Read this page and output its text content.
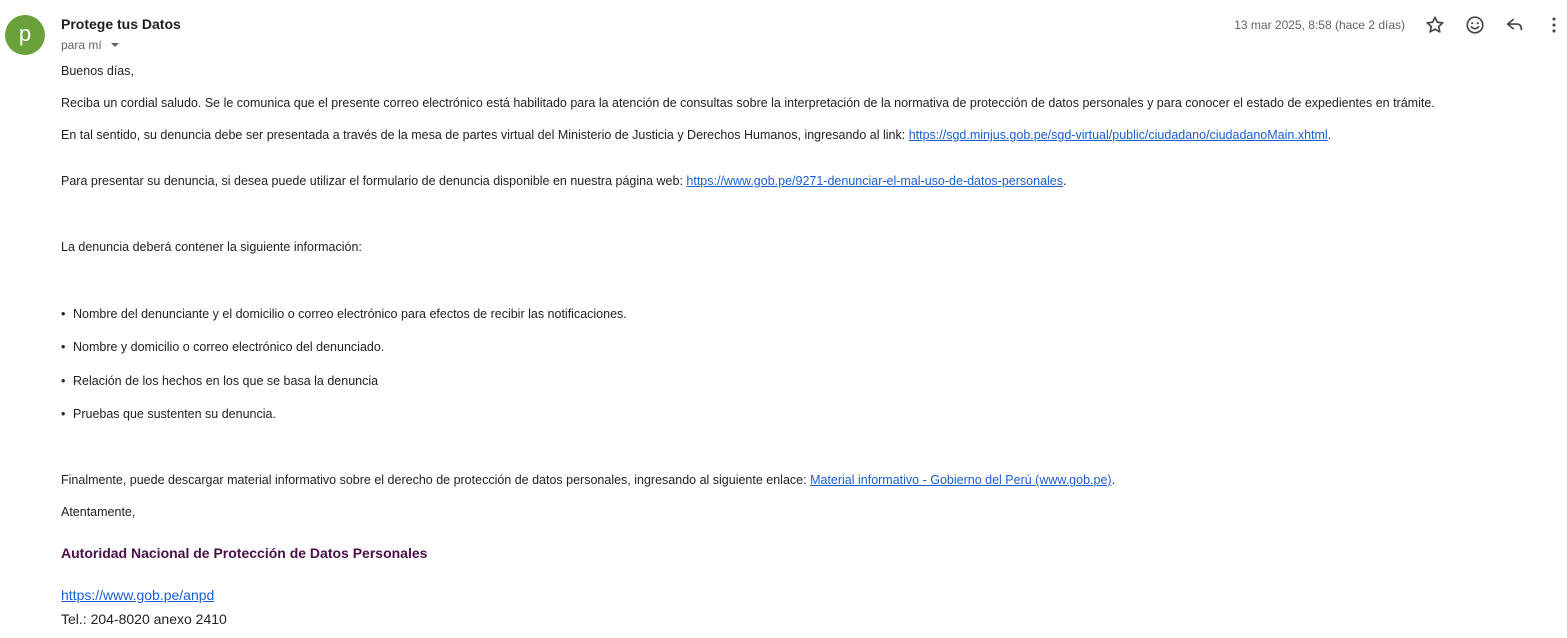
p	Protege tus Datos
para mí
13 mar 2025, 8:58 (hace 2 días)
Buenos días,
Reciba un cordial saludo. Se le comunica que el presente correo electrónico está habilitado para la atención de consultas sobre la interpretación de la normativa de protección de datos personales y para conocer el estado de expedientes en trámite.
En tal sentido, su denuncia debe ser presentada a través de la mesa de partes virtual del Ministerio de Justicia y Derechos Humanos, ingresando al link: https://sgd.minjus.gob.pe/sgd-virtual/public/ciudadano/ciudadanoMain.xhtml.
Para presentar su denuncia, si desea puede utilizar el formulario de denuncia disponible en nuestra página web: https://www.gob.pe/9271-denunciar-el-mal-uso-de-datos-personales.
La denuncia deberá contener la siguiente información:
• Nombre del denunciante y el domicilio o correo electrónico para efectos de recibir las notificaciones.
• Nombre y domicilio o correo electrónico del denunciado.
• Relación de los hechos en los que se basa la denuncia
• Pruebas que sustenten su denuncia.
Finalmente, puede descargar material informativo sobre el derecho de protección de datos personales, ingresando al siguiente enlace: Material informativo - Gobierno del Perú (www.gob.pe).
Atentamente,
Autoridad Nacional de Protección de Datos Personales
https://www.gob.pe/anpd
Tel.: 204-8020 anexo 2410
